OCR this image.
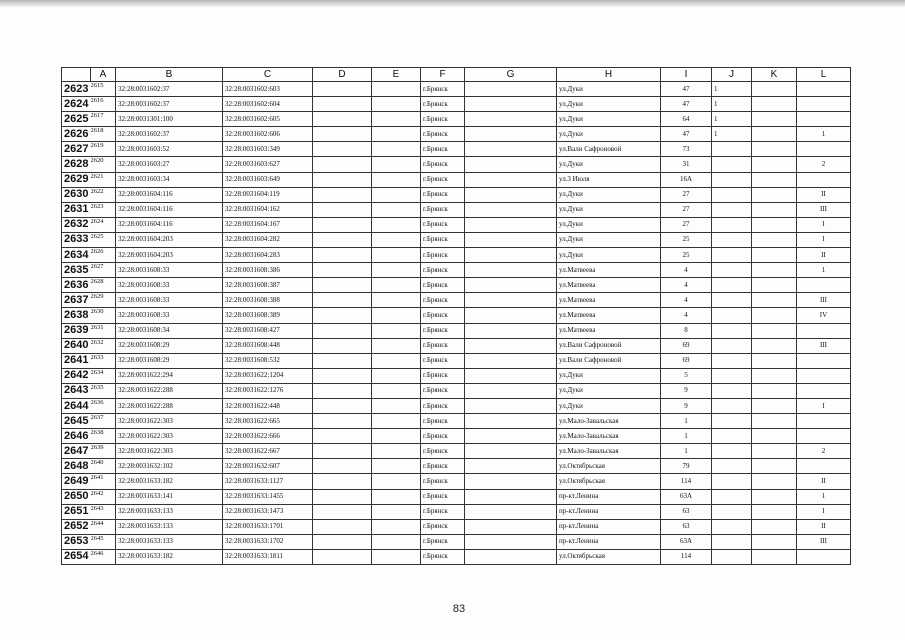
	A	B	C	D	E	F	G	H	I	J	K	L
2623	2615	32:28:0031602:37	32:28:0031602:603			г.Брянск		ул.Дуки	47	1		
2624	2616	32:28:0031602:37	32:28:0031602:604			г.Брянск		ул.Дуки	47	1		
2625	2617	32:28:0031301:100	32:28:0031602:605			г.Брянск		ул.Дуки	64	1		
2626	2618	32:28:0031602:37	32:28:0031602:606			г.Брянск		ул.Дуки	47	1		1
2627	2619	32:28:0031603:52	32:28:0031603:349			г.Брянск		ул.Вали Сафроновой	73			
2628	2620	32:28:0031603:27	32:28:0031603:627			г.Брянск		ул.Дуки	31			2
2629	2621	32:28:0031603:34	32:28:0031603:649			г.Брянск		ул.3 Июля	16А			
2630	2622	32:28:0031604:116	32:28:0031604:119			г.Брянск		ул.Дуки	27			II
2631	2623	32:28:0031604:116	32:28:0031604:162			г.Брянск		ул.Дуки	27			III
2632	2624	32:28:0031604:116	32:28:0031604:167			г.Брянск		ул.Дуки	27			I
2633	2625	32:28:0031604:203	32:28:0031604:282			г.Брянск		ул.Дуки	25			I
2634	2626	32:28:0031604:203	32:28:0031604:283			г.Брянск		ул.Дуки	25			II
2635	2627	32:28:0031608:33	32:28:0031608:386			г.Брянск		ул.Матвеева	4			1
2636	2628	32:28:0031608:33	32:28:0031608:387			г.Брянск		ул.Матвеева	4			
2637	2629	32:28:0031608:33	32:28:0031608:388			г.Брянск		ул.Матвеева	4			III
2638	2630	32:28:0031608:33	32:28:0031608:389			г.Брянск		ул.Матвеева	4			IV
2639	2631	32:28:0031608:34	32:28:0031608:427			г.Брянск		ул.Матвеева	8			
2640	2632	32:28:0031608:29	32:28:0031608:448			г.Брянск		ул.Вали Сафроновой	69			III
2641	2633	32:28:0031608:29	32:28:0031608:532			г.Брянск		ул.Вали Сафроновой	69			
2642	2634	32:28:0031622:294	32:28:0031622:1204			г.Брянск		ул.Дуки	5			
2643	2635	32:28:0031622:288	32:28:0031622:1276			г.Брянск		ул.Дуки	9			
2644	2636	32:28:0031622:288	32:28:0031622:448			г.Брянск		ул.Дуки	9			I
2645	2637	32:28:0031622:303	32:28:0031622:665			г.Брянск		ул.Мало-Завальская	1			
2646	2638	32:28:0031622:303	32:28:0031622:666			г.Брянск		ул.Мало-Завальская	1			
2647	2639	32:28:0031622:303	32:28:0031622:667			г.Брянск		ул.Мало-Завальская	1			2
2648	2640	32:28:0031632:102	32:28:0031632:607			г.Брянск		ул.Октябрьская	79			
2649	2641	32:28:0031633:182	32:28:0031633:1127			г.Брянск		ул.Октябрьская	114			II
2650	2642	32:28:0031633:141	32:28:0031633:1455			г.Брянск		пр-кт.Ленина	63А			1
2651	2643	32:28:0031633:133	32:28:0031633:1473			г.Брянск		пр-кт.Ленина	63			I
2652	2644	32:28:0031633:133	32:28:0031633:1701			г.Брянск		пр-кт.Ленина	63			II
2653	2645	32:28:0031633:133	32:28:0031633:1702			г.Брянск		пр-кт.Ленина	63А			III
2654	2646	32:28:0031633:182	32:28:0031633:1811			г.Брянск		ул.Октябрьская	114			
83
